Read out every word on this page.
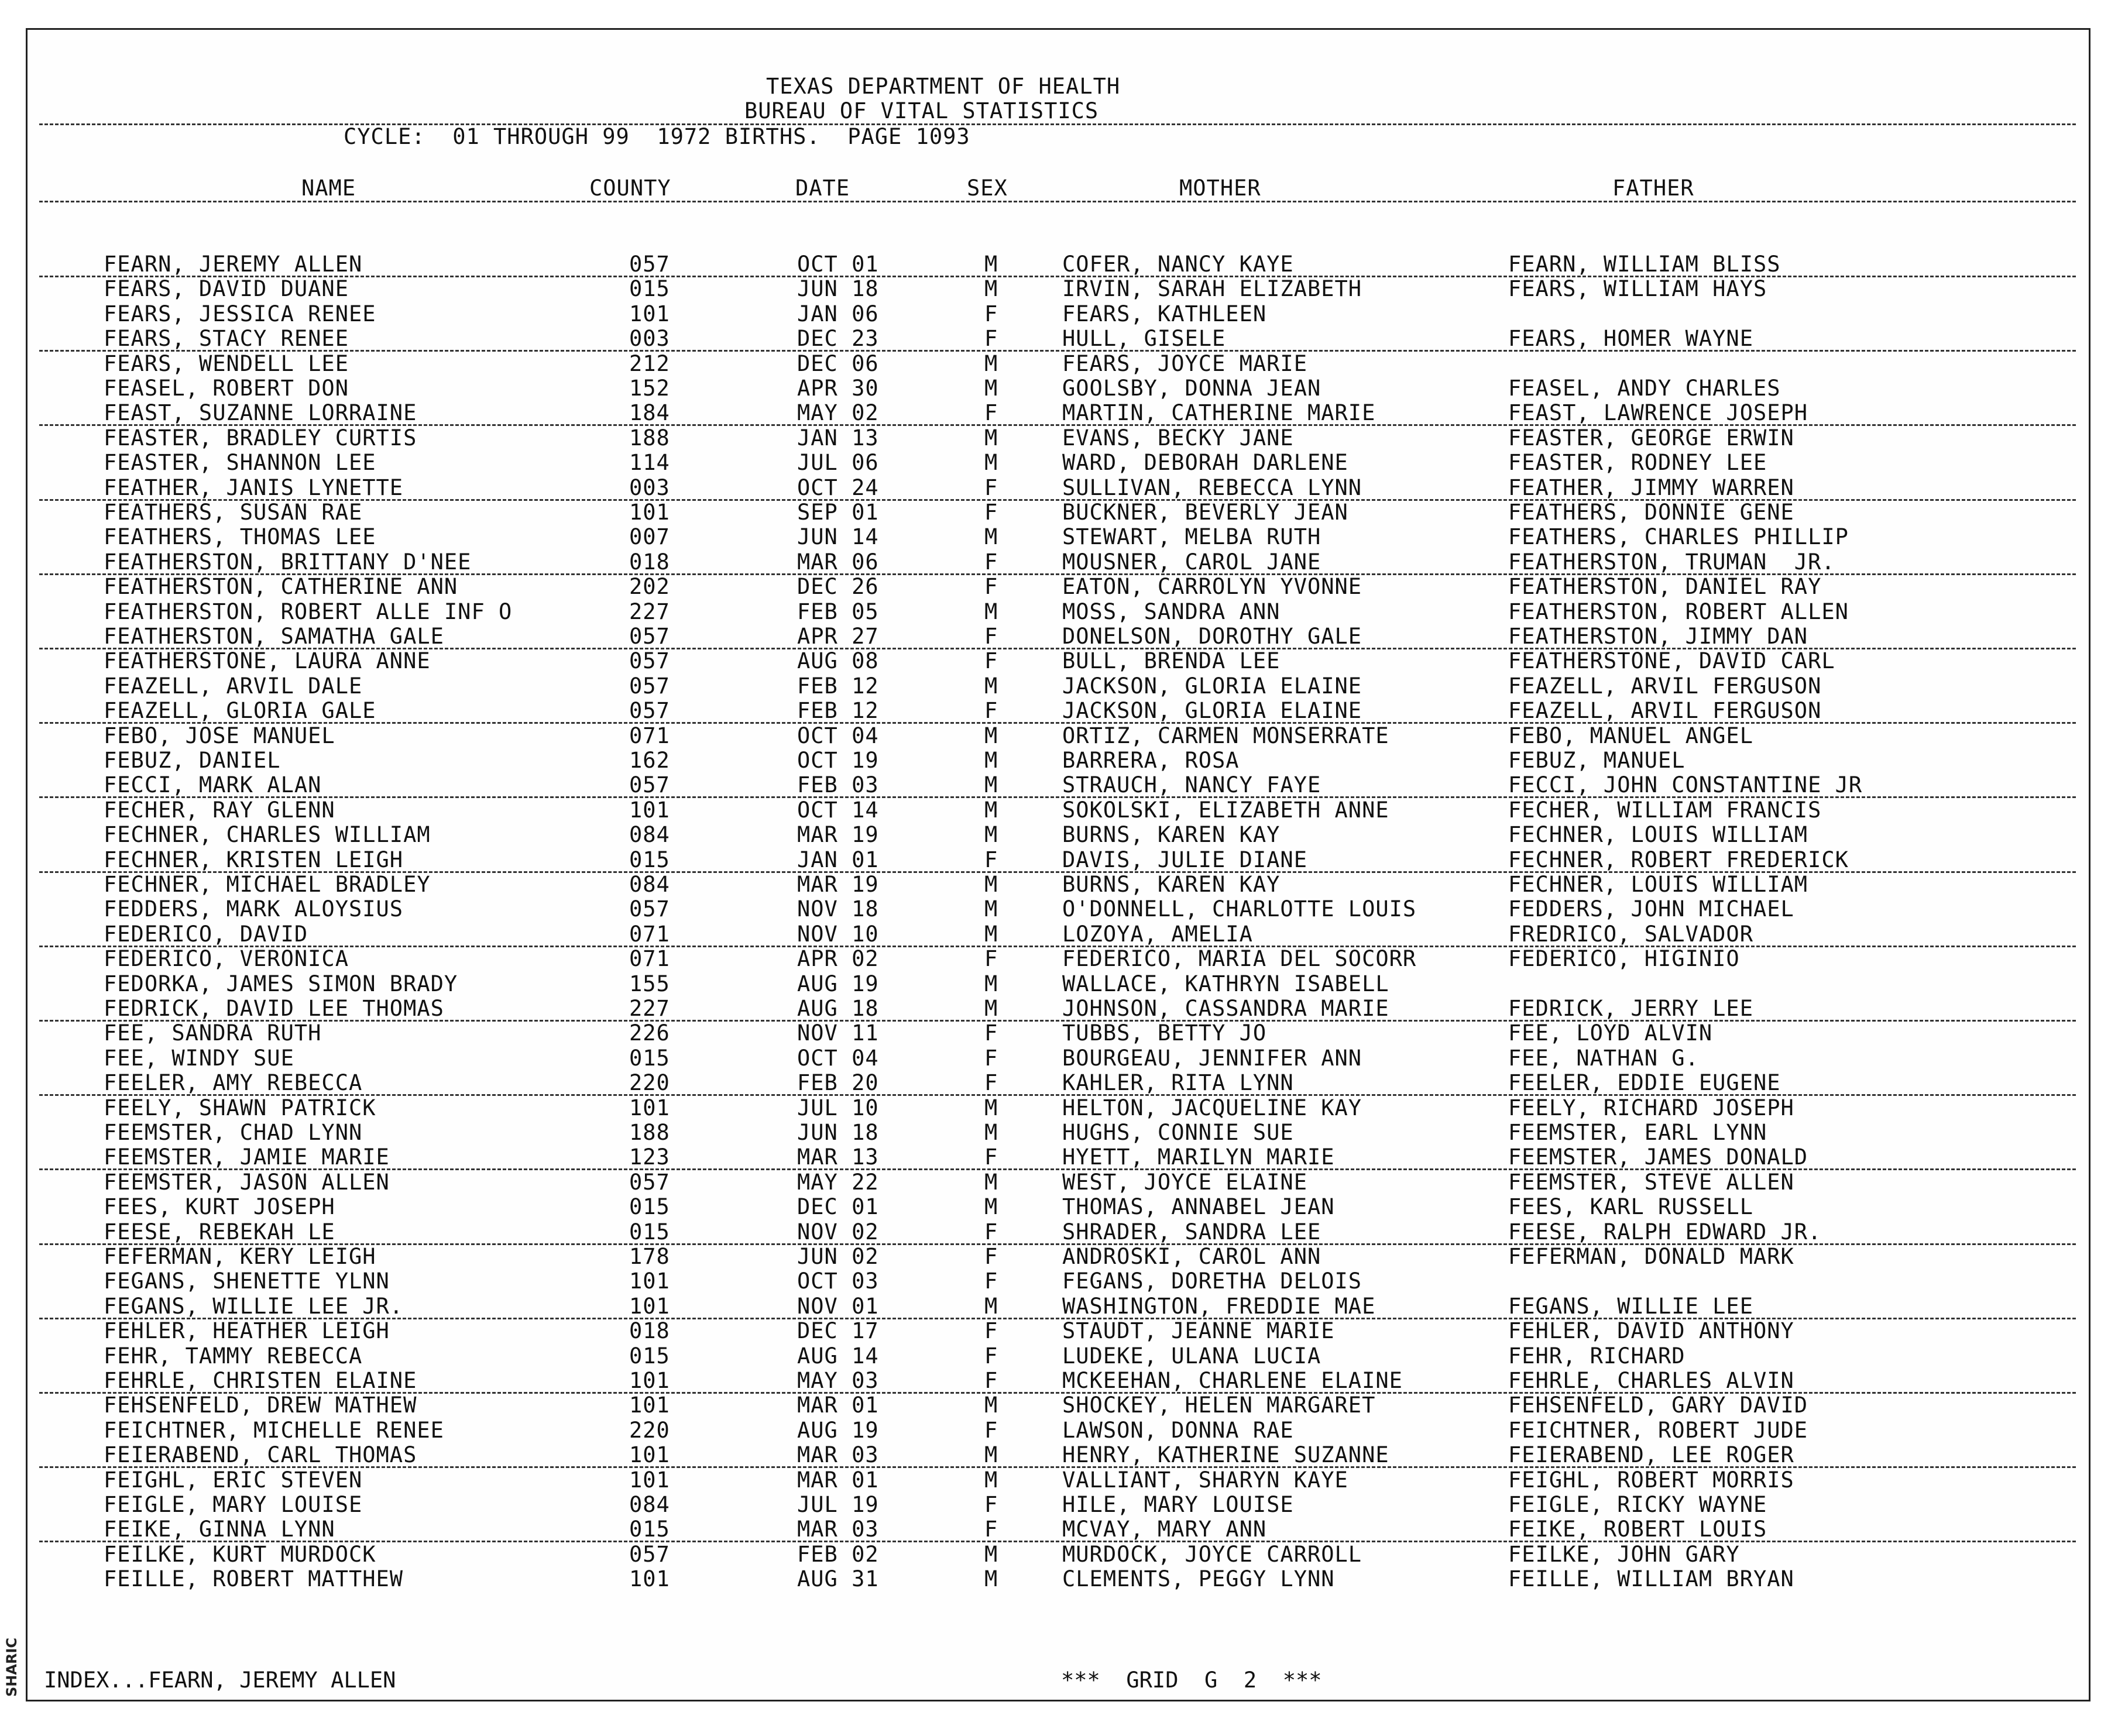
TEXAS DEPARTMENT OF HEALTH
BUREAU OF VITAL STATISTICS
CYCLE:  01 THROUGH 99  1972 BIRTHS.  PAGE 1093
NAME	COUNTY	DATE	SEX	MOTHER	FATHER
FEARN, JEREMY ALLEN	057	OCT 01	M	COFER, NANCY KAYE	FEARN, WILLIAM BLISS
FEARS, DAVID DUANE	015	JUN 18	M	IRVIN, SARAH ELIZABETH	FEARS, WILLIAM HAYS
FEARS, JESSICA RENEE	101	JAN 06	F	FEARS, KATHLEEN
FEARS, STACY RENEE	003	DEC 23	F	HULL, GISELE	FEARS, HOMER WAYNE
FEARS, WENDELL LEE	212	DEC 06	M	FEARS, JOYCE MARIE
FEASEL, ROBERT DON	152	APR 30	M	GOOLSBY, DONNA JEAN	FEASEL, ANDY CHARLES
FEAST, SUZANNE LORRAINE	184	MAY 02	F	MARTIN, CATHERINE MARIE	FEAST, LAWRENCE JOSEPH
FEASTER, BRADLEY CURTIS	188	JAN 13	M	EVANS, BECKY JANE	FEASTER, GEORGE ERWIN
FEASTER, SHANNON LEE	114	JUL 06	M	WARD, DEBORAH DARLENE	FEASTER, RODNEY LEE
FEATHER, JANIS LYNETTE	003	OCT 24	F	SULLIVAN, REBECCA LYNN	FEATHER, JIMMY WARREN
FEATHERS, SUSAN RAE	101	SEP 01	F	BUCKNER, BEVERLY JEAN	FEATHERS, DONNIE GENE
FEATHERS, THOMAS LEE	007	JUN 14	M	STEWART, MELBA RUTH	FEATHERS, CHARLES PHILLIP
FEATHERSTON, BRITTANY D'NEE	018	MAR 06	F	MOUSNER, CAROL JANE	FEATHERSTON, TRUMAN  JR.
FEATHERSTON, CATHERINE ANN	202	DEC 26	F	EATON, CARROLYN YVONNE	FEATHERSTON, DANIEL RAY
FEATHERSTON, ROBERT ALLE INF O	227	FEB 05	M	MOSS, SANDRA ANN	FEATHERSTON, ROBERT ALLEN
FEATHERSTON, SAMATHA GALE	057	APR 27	F	DONELSON, DOROTHY GALE	FEATHERSTON, JIMMY DAN
FEATHERSTONE, LAURA ANNE	057	AUG 08	F	BULL, BRENDA LEE	FEATHERSTONE, DAVID CARL
FEAZELL, ARVIL DALE	057	FEB 12	M	JACKSON, GLORIA ELAINE	FEAZELL, ARVIL FERGUSON
FEAZELL, GLORIA GALE	057	FEB 12	F	JACKSON, GLORIA ELAINE	FEAZELL, ARVIL FERGUSON
FEBO, JOSE MANUEL	071	OCT 04	M	ORTIZ, CARMEN MONSERRATE	FEBO, MANUEL ANGEL
FEBUZ, DANIEL	162	OCT 19	M	BARRERA, ROSA	FEBUZ, MANUEL
FECCI, MARK ALAN	057	FEB 03	M	STRAUCH, NANCY FAYE	FECCI, JOHN CONSTANTINE JR
FECHER, RAY GLENN	101	OCT 14	M	SOKOLSKI, ELIZABETH ANNE	FECHER, WILLIAM FRANCIS
FECHNER, CHARLES WILLIAM	084	MAR 19	M	BURNS, KAREN KAY	FECHNER, LOUIS WILLIAM
FECHNER, KRISTEN LEIGH	015	JAN 01	F	DAVIS, JULIE DIANE	FECHNER, ROBERT FREDERICK
FECHNER, MICHAEL BRADLEY	084	MAR 19	M	BURNS, KAREN KAY	FECHNER, LOUIS WILLIAM
FEDDERS, MARK ALOYSIUS	057	NOV 18	M	O'DONNELL, CHARLOTTE LOUIS	FEDDERS, JOHN MICHAEL
FEDERICO, DAVID	071	NOV 10	M	LOZOYA, AMELIA	FREDRICO, SALVADOR
FEDERICO, VERONICA	071	APR 02	F	FEDERICO, MARIA DEL SOCORR	FEDERICO, HIGINIO
FEDORKA, JAMES SIMON BRADY	155	AUG 19	M	WALLACE, KATHRYN ISABELL
FEDRICK, DAVID LEE THOMAS	227	AUG 18	M	JOHNSON, CASSANDRA MARIE	FEDRICK, JERRY LEE
FEE, SANDRA RUTH	226	NOV 11	F	TUBBS, BETTY JO	FEE, LOYD ALVIN
FEE, WINDY SUE	015	OCT 04	F	BOURGEAU, JENNIFER ANN	FEE, NATHAN G.
FEELER, AMY REBECCA	220	FEB 20	F	KAHLER, RITA LYNN	FEELER, EDDIE EUGENE
FEELY, SHAWN PATRICK	101	JUL 10	M	HELTON, JACQUELINE KAY	FEELY, RICHARD JOSEPH
FEEMSTER, CHAD LYNN	188	JUN 18	M	HUGHS, CONNIE SUE	FEEMSTER, EARL LYNN
FEEMSTER, JAMIE MARIE	123	MAR 13	F	HYETT, MARILYN MARIE	FEEMSTER, JAMES DONALD
FEEMSTER, JASON ALLEN	057	MAY 22	M	WEST, JOYCE ELAINE	FEEMSTER, STEVE ALLEN
FEES, KURT JOSEPH	015	DEC 01	M	THOMAS, ANNABEL JEAN	FEES, KARL RUSSELL
FEESE, REBEKAH LE	015	NOV 02	F	SHRADER, SANDRA LEE	FEESE, RALPH EDWARD JR.
FEFERMAN, KERY LEIGH	178	JUN 02	F	ANDROSKI, CAROL ANN	FEFERMAN, DONALD MARK
FEGANS, SHENETTE YLNN	101	OCT 03	F	FEGANS, DORETHA DELOIS
FEGANS, WILLIE LEE JR.	101	NOV 01	M	WASHINGTON, FREDDIE MAE	FEGANS, WILLIE LEE
FEHLER, HEATHER LEIGH	018	DEC 17	F	STAUDT, JEANNE MARIE	FEHLER, DAVID ANTHONY
FEHR, TAMMY REBECCA	015	AUG 14	F	LUDEKE, ULANA LUCIA	FEHR, RICHARD
FEHRLE, CHRISTEN ELAINE	101	MAY 03	F	MCKEEHAN, CHARLENE ELAINE	FEHRLE, CHARLES ALVIN
FEHSENFELD, DREW MATHEW	101	MAR 01	M	SHOCKEY, HELEN MARGARET	FEHSENFELD, GARY DAVID
FEICHTNER, MICHELLE RENEE	220	AUG 19	F	LAWSON, DONNA RAE	FEICHTNER, ROBERT JUDE
FEIERABEND, CARL THOMAS	101	MAR 03	M	HENRY, KATHERINE SUZANNE	FEIERABEND, LEE ROGER
FEIGHL, ERIC STEVEN	101	MAR 01	M	VALLIANT, SHARYN KAYE	FEIGHL, ROBERT MORRIS
FEIGLE, MARY LOUISE	084	JUL 19	F	HILE, MARY LOUISE	FEIGLE, RICKY WAYNE
FEIKE, GINNA LYNN	015	MAR 03	F	MCVAY, MARY ANN	FEIKE, ROBERT LOUIS
FEILKE, KURT MURDOCK	057	FEB 02	M	MURDOCK, JOYCE CARROLL	FEILKE, JOHN GARY
FEILLE, ROBERT MATTHEW	101	AUG 31	M	CLEMENTS, PEGGY LYNN	FEILLE, WILLIAM BRYAN
INDEX...FEARN, JEREMY ALLEN	***  GRID  G  2  ***
SHARIC
